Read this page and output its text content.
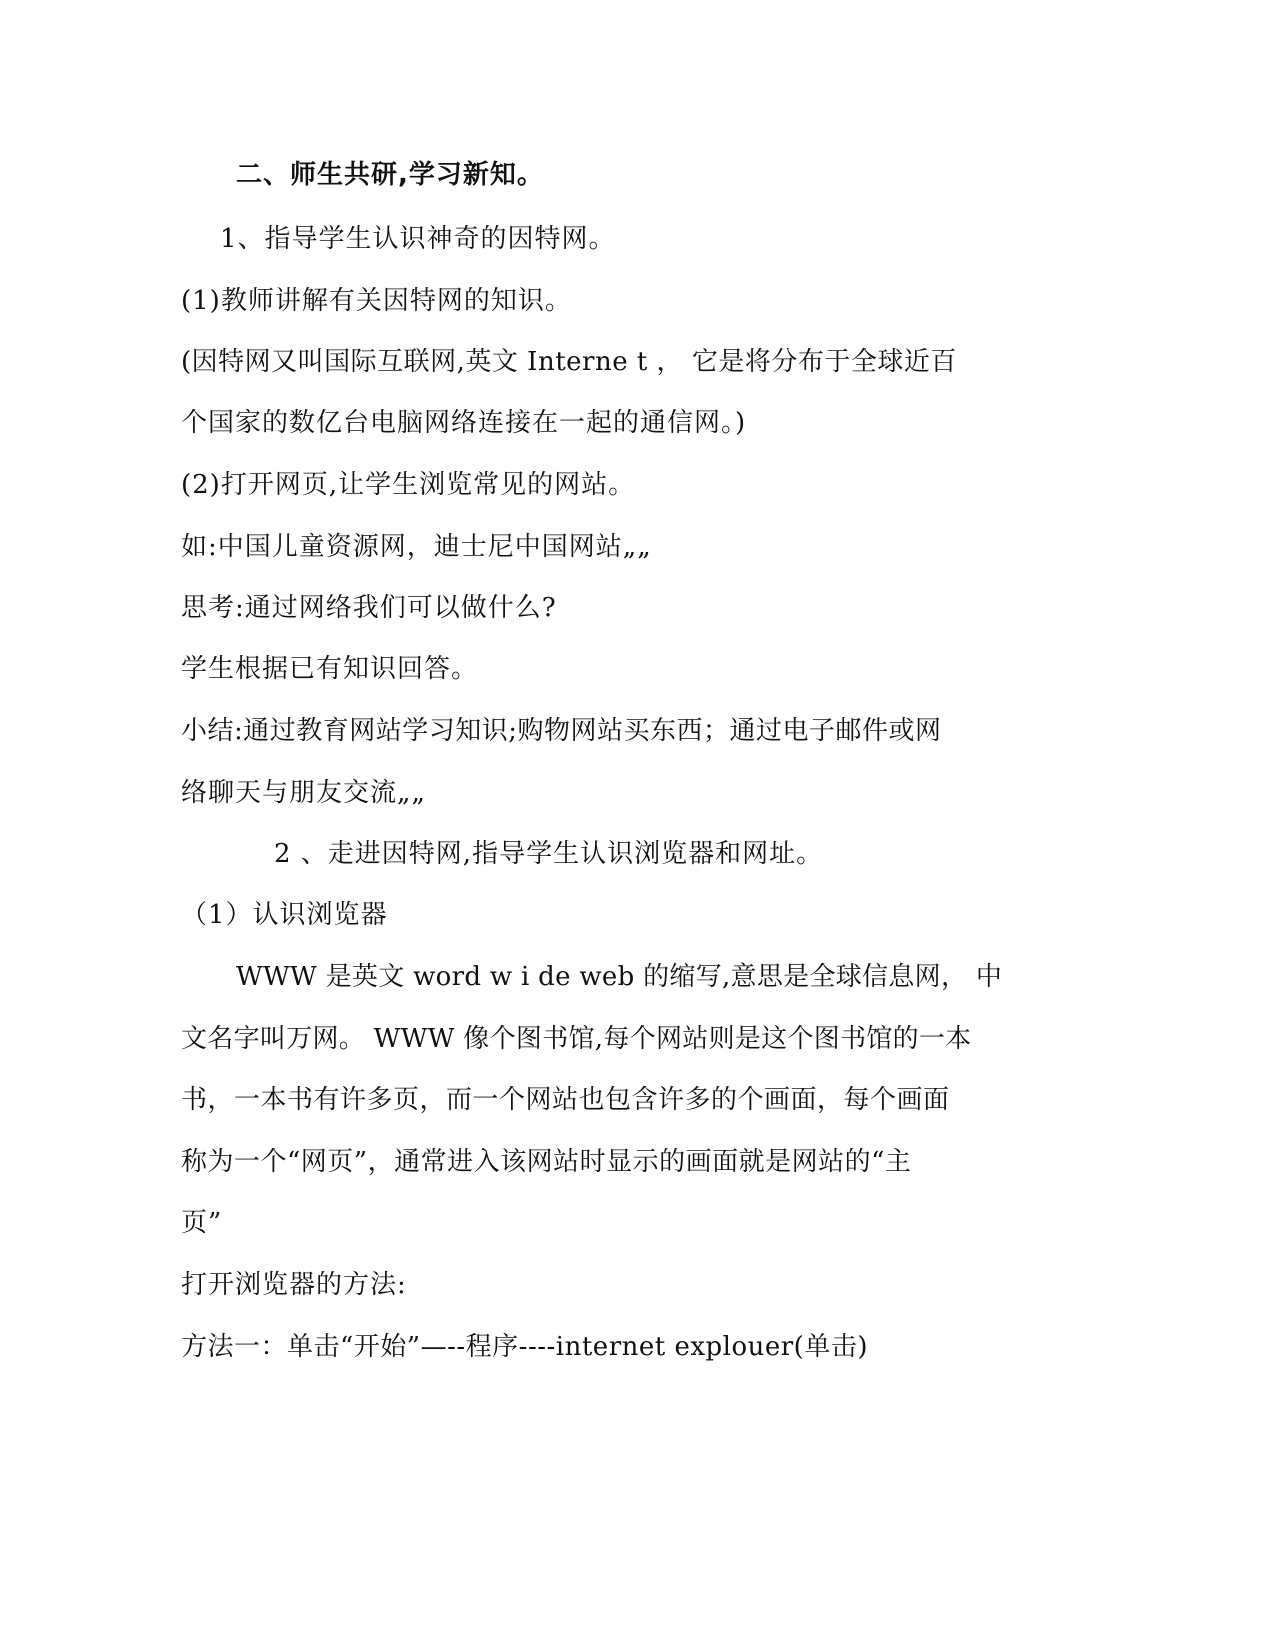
二、师生共研,学习新知。
1、指导学生认识神奇的因特网。
(1)教师讲解有关因特网的知识。
(因特网又叫国际互联网,英文 Interne t ， 它是将分布于全球近百
个国家的数亿台电脑网络连接在一起的通信网。)
(2)打开网页,让学生浏览常见的网站。
如:中国儿童资源网，迪士尼中国网站„„
思考:通过网络我们可以做什么?
学生根据已有知识回答。
小结:通过教育网站学习知识;购物网站买东西；通过电子邮件或网
络聊天与朋友交流„„
2 、走进因特网,指导学生认识浏览器和网址。
（1）认识浏览器
WWW 是英文 word w i de web 的缩写,意思是全球信息网， 中
文名字叫万网。 WWW 像个图书馆,每个网站则是这个图书馆的一本
书，一本书有许多页，而一个网站也包含许多的个画面，每个画面
称为一个“网页”，通常进入该网站时显示的画面就是网站的“主
页”
打开浏览器的方法:
方法一：单击“开始”—--程序----internet explouer(单击)
